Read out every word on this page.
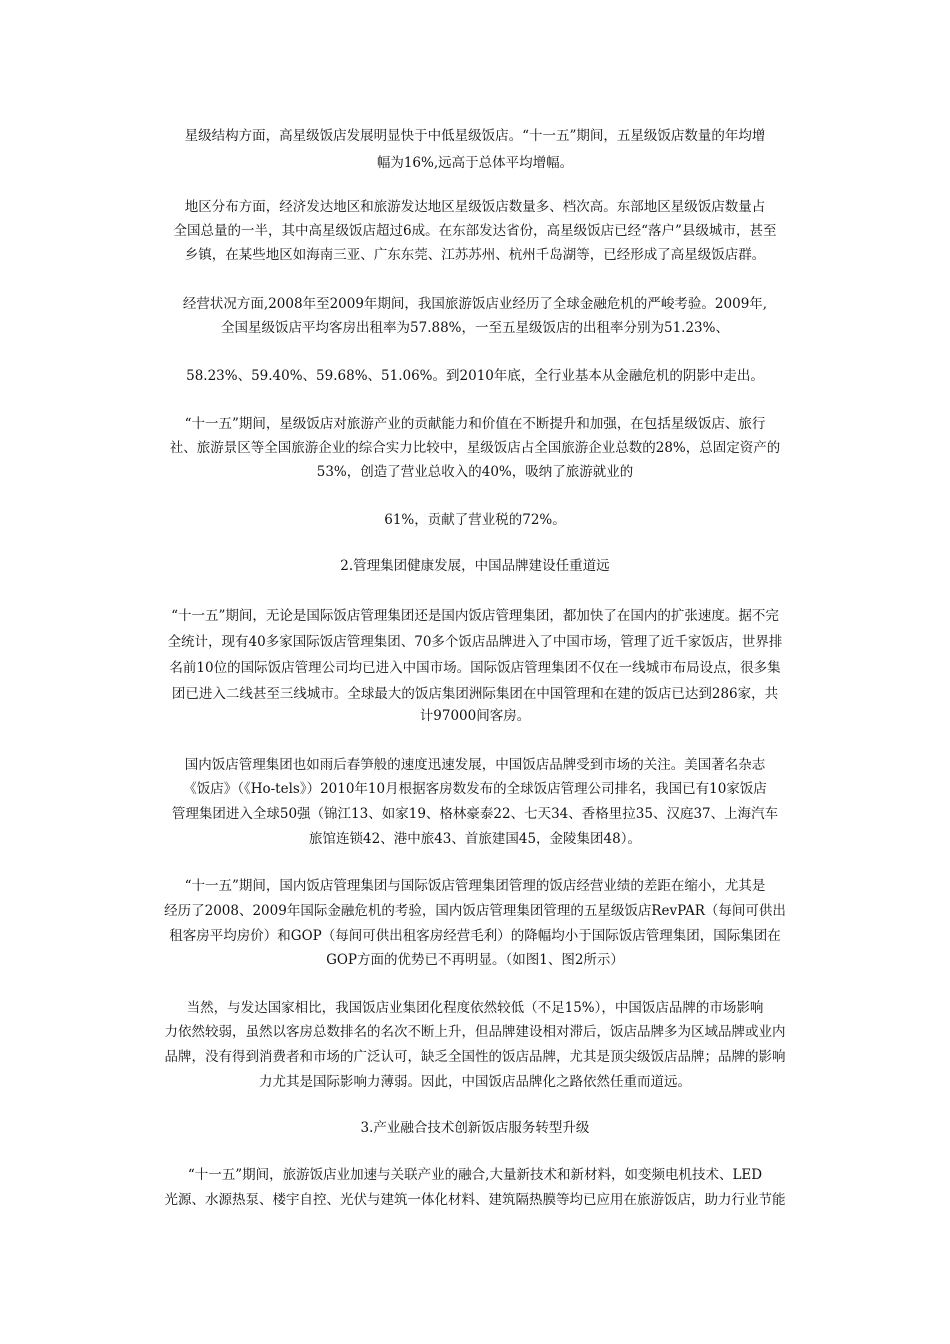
星级结构方面，高星级饭店发展明显快于中低星级饭店。“十一五”期间，五星级饭店数量的年均增
幅为16%,远高于总体平均增幅。
地区分布方面，经济发达地区和旅游发达地区星级饭店数量多、档次高。东部地区星级饭店数量占
全国总量的一半，其中高星级饭店超过6成。在东部发达省份，高星级饭店已经“落户”县级城市，甚至
乡镇，在某些地区如海南三亚、广东东莞、江苏苏州、杭州千岛湖等，已经形成了高星级饭店群。
经营状况方面,2008年至2009年期间，我国旅游饭店业经历了全球金融危机的严峻考验。2009年,
全国星级饭店平均客房出租率为57.88%，一至五星级饭店的出租率分别为51.23%、
58.23%、59.40%、59.68%、51.06%。到2010年底，全行业基本从金融危机的阴影中走出。
“十一五”期间，星级饭店对旅游产业的贡献能力和价值在不断提升和加强，在包括星级饭店、旅行
社、旅游景区等全国旅游企业的综合实力比较中，星级饭店占全国旅游企业总数的28%，总固定资产的
53%，创造了营业总收入的40%，吸纳了旅游就业的
61%，贡献了营业税的72%。
2.管理集团健康发展，中国品牌建设任重道远
“十一五”期间，无论是国际饭店管理集团还是国内饭店管理集团，都加快了在国内的扩张速度。据不完
全统计，现有40多家国际饭店管理集团、70多个饭店品牌进入了中国市场，管理了近千家饭店，世界排
名前10位的国际饭店管理公司均已进入中国市场。国际饭店管理集团不仅在一线城市布局设点，很多集
团已进入二线甚至三线城市。全球最大的饭店集团洲际集团在中国管理和在建的饭店已达到286家，共
计97000间客房。
国内饭店管理集团也如雨后春笋般的速度迅速发展，中国饭店品牌受到市场的关注。美国著名杂志
《饭店》（《Ho-tels》）2010年10月根据客房数发布的全球饭店管理公司排名，我国已有10家饭店
管理集团进入全球50强（锦江13、如家19、格林豪泰22、七天34、香格里拉35、汉庭37、上海汽车
旅馆连锁42、港中旅43、首旅建国45，金陵集团48）。
“十一五”期间，国内饭店管理集团与国际饭店管理集团管理的饭店经营业绩的差距在缩小，尤其是
经历了2008、2009年国际金融危机的考验，国内饭店管理集团管理的五星级饭店RevPAR（每间可供出
租客房平均房价）和GOP（每间可供出租客房经营毛利）的降幅均小于国际饭店管理集团，国际集团在
GOP方面的优势已不再明显。（如图1、图2所示）
当然，与发达国家相比，我国饭店业集团化程度依然较低（不足15%），中国饭店品牌的市场影响
力依然较弱，虽然以客房总数排名的名次不断上升，但品牌建设相对滞后，饭店品牌多为区域品牌或业内
品牌，没有得到消费者和市场的广泛认可，缺乏全国性的饭店品牌，尤其是顶尖级饭店品牌；品牌的影响
力尤其是国际影响力薄弱。因此，中国饭店品牌化之路依然任重而道远。
3.产业融合技术创新饭店服务转型升级
“十一五”期间，旅游饭店业加速与关联产业的融合,大量新技术和新材料，如变频电机技术、LED
光源、水源热泵、楼宇自控、光伏与建筑一体化材料、建筑隔热膜等均已应用在旅游饭店，助力行业节能
